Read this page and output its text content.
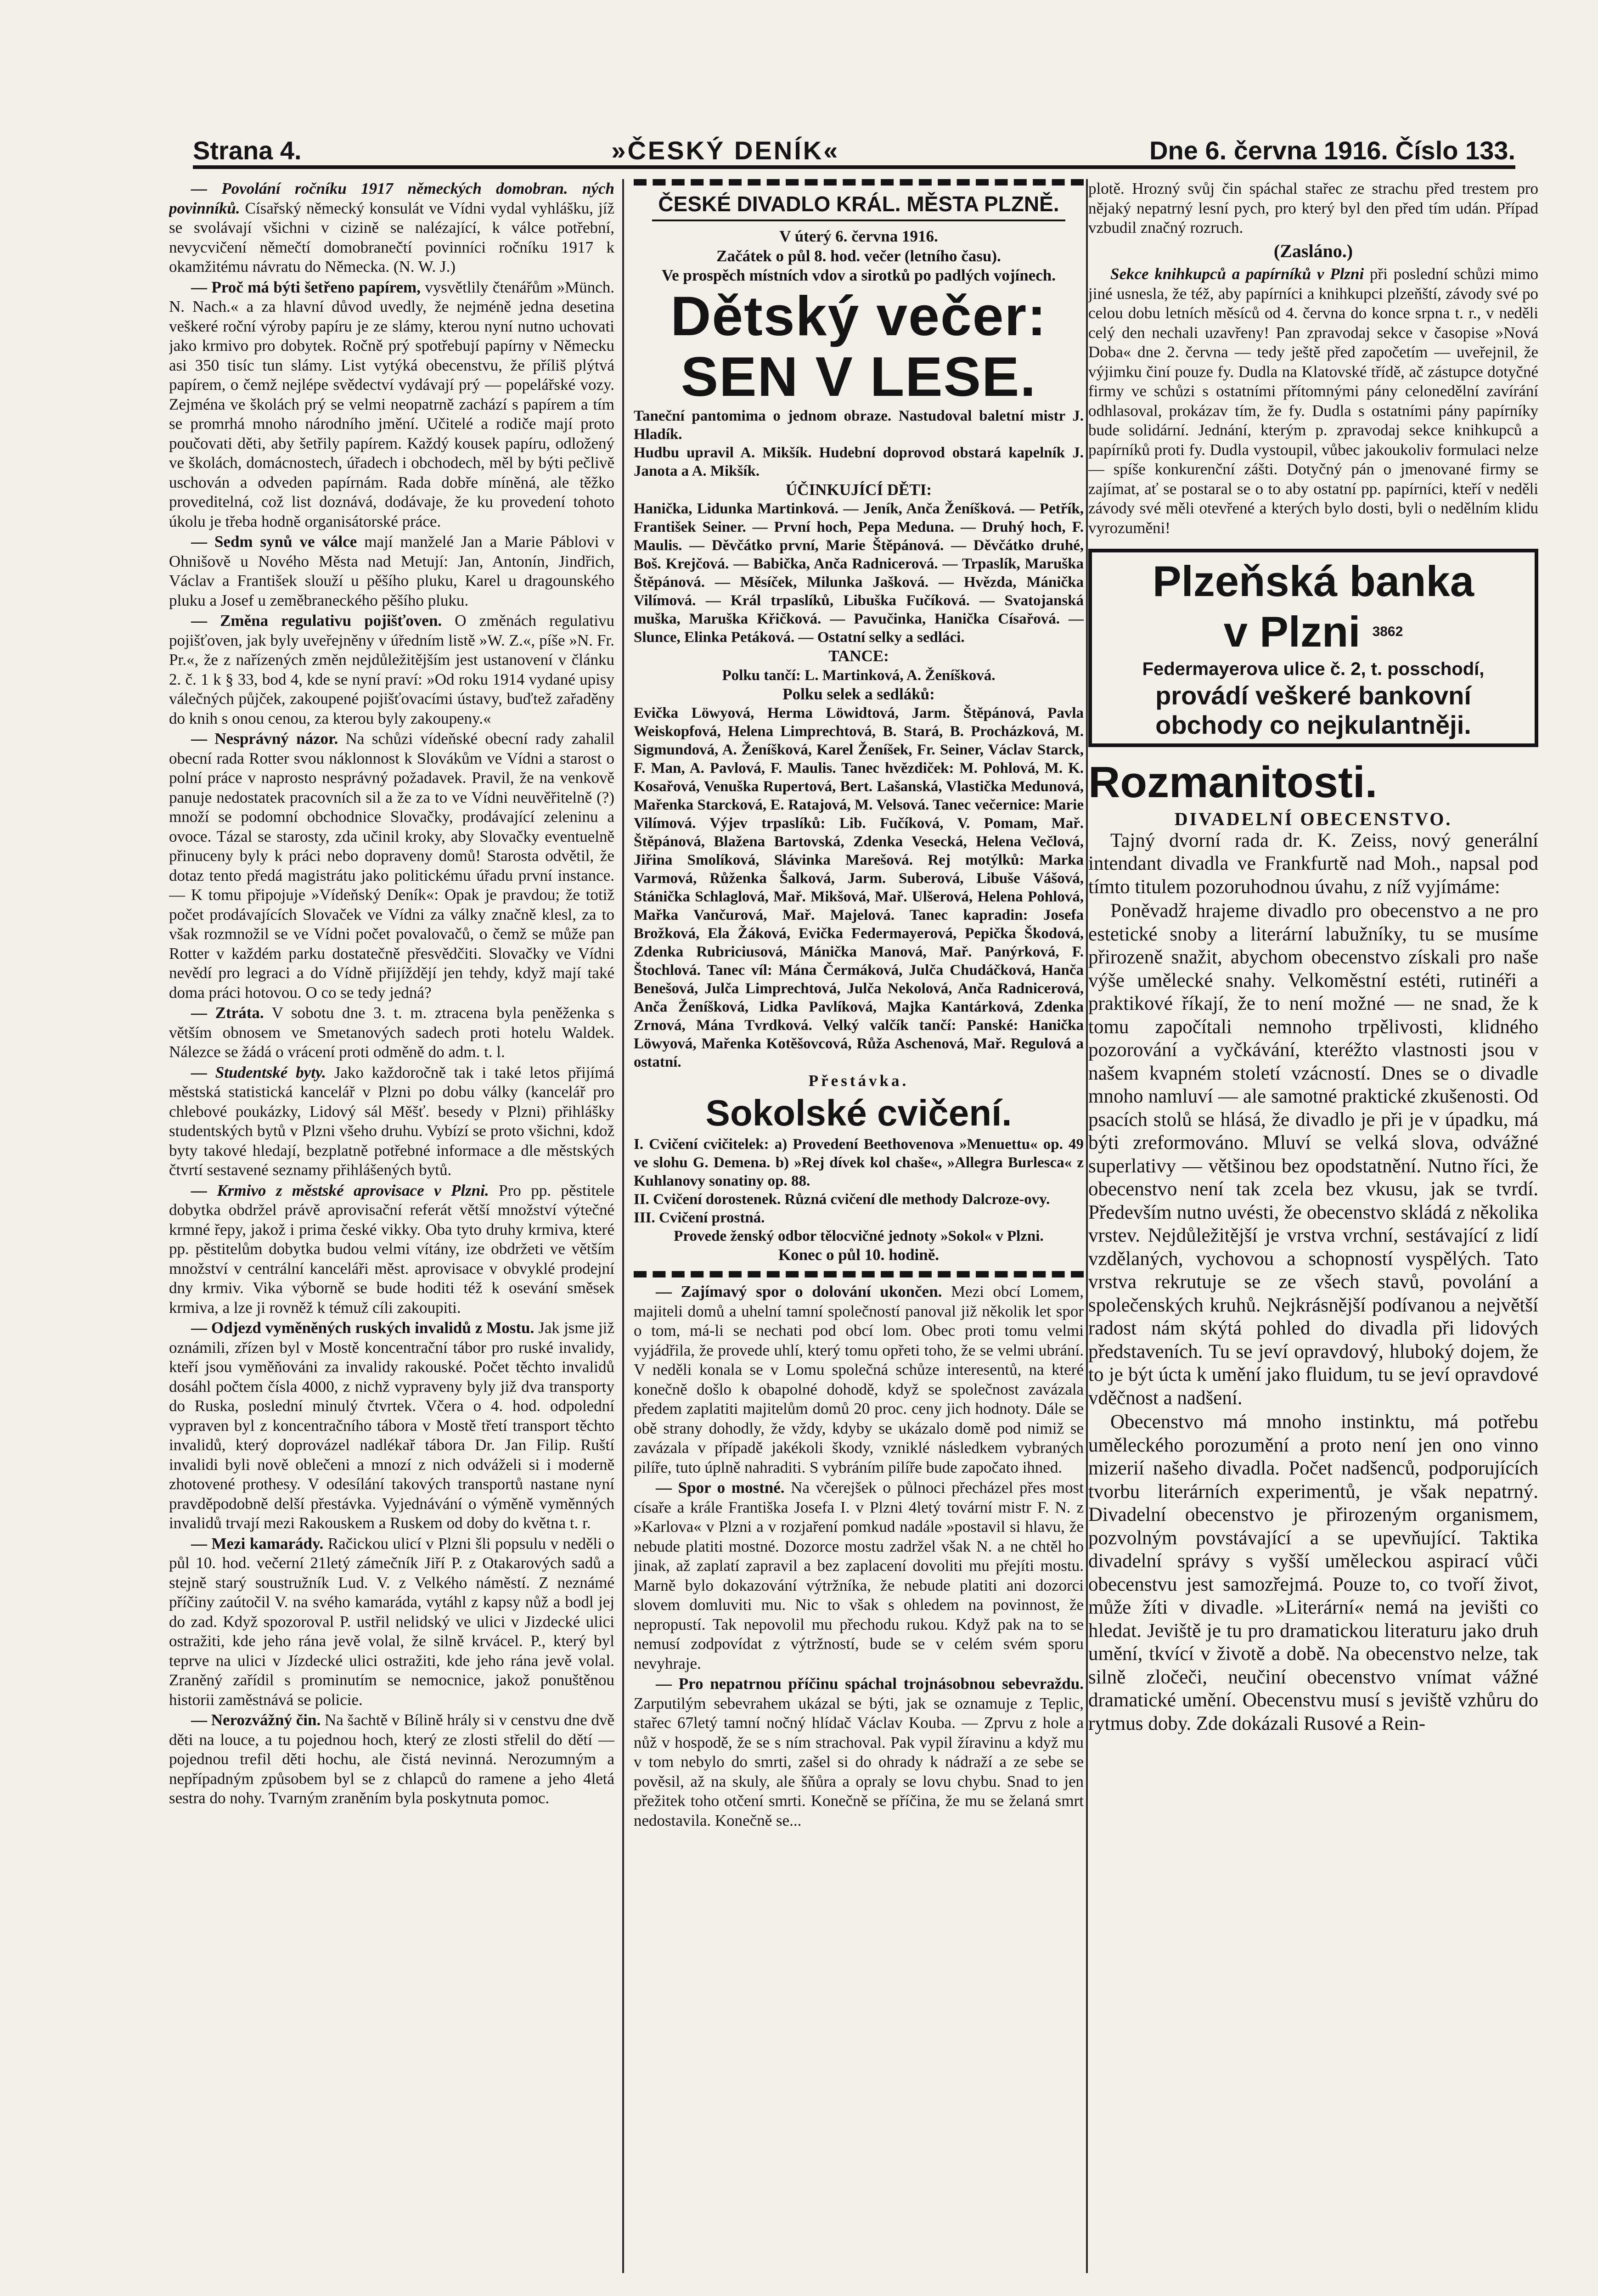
Strana 4.	»ČESKÝ DENÍK«	Dne 6. června 1916. Číslo 133.

— Povolání ročníku 1917 německých domobran. ných povinníků. Císařský německý konsulát ve Vídni vydal vyhlášku, jíž se svolávají všichni v cizině se nalézající, k válce potřební, nevycvičení němečtí domobranečtí povinníci ročníku 1917 k okamžitému návratu do Německa. (N. W. J.)

— Proč má býti šetřeno papírem, vysvětlily čtenářům »Münch. N. Nach.« a za hlavní důvod uvedly, že nejméně jedna desetina veškeré roční výroby papíru je ze slámy, kterou nyní nutno uchovati jako krmivo pro dobytek. Ročně prý spotřebují papírny v Německu asi 350 tisíc tun slámy. List vytýká obecenstvu, že příliš plýtvá papírem, o čemž nejlépe svědectví vydávají prý — popelářské vozy. Zejména ve školách prý se velmi neopatrně zachází s papírem a tím se promrhá mnoho národního jmění. Učitelé a rodiče mají proto poučovati děti, aby šetřily papírem. Každý kousek papíru, odložený ve školách, domácnostech, úřadech i obchodech, měl by býti pečlivě uschován a odveden papírnám. Rada dobře míněná, ale těžko proveditelná, což list doznává, dodávaje, že ku provedení tohoto úkolu je třeba hodně organisátorské práce.

— Sedm synů ve válce mají manželé Jan a Marie Páblovi v Ohnišově u Nového Města nad Metují: Jan, Antonín, Jindřich, Václav a František slouží u pěšího pluku, Karel u dragounského pluku a Josef u zeměbraneckého pěšího pluku.

— Změna regulativu pojišťoven. O změnách regulativu pojišťoven, jak byly uveřejněny v úředním listě »W. Z.«, píše »N. Fr. Pr.«, že z nařízených změn nejdůležitějším jest ustanovení v článku 2. č. 1 k § 33, bod 4, kde se nyní praví: »Od roku 1914 vydané upisy válečných půjček, zakoupené pojišťovacími ústavy, buďtež zařaděny do knih s onou cenou, za kterou byly zakoupeny.«

— Nesprávný názor. Na schůzi vídeňské obecní rady zahalil obecní rada Rotter svou náklonnost k Slovákům ve Vídni a starost o polní práce v naprosto nesprávný požadavek. Pravil, že na venkově panuje nedostatek pracovních sil a že za to ve Vídni neuvěřitelně (?) množí se podomní obchodnice Slovačky, prodávající zeleninu a ovoce. Tázal se starosty, zda učinil kroky, aby Slovačky eventuelně přinuceny byly k práci nebo dopraveny domů! Starosta odvětil, že dotaz tento předá magistrátu jako politickému úřadu první instance. — K tomu připojuje »Vídeňský Deník«: Opak je pravdou; že totiž počet prodávajících Slovaček ve Vídni za války značně klesl, za to však rozmnožil se ve Vídni počet povalovačů, o čemž se může pan Rotter v každém parku dostatečně přesvědčiti. Slovačky ve Vídni nevědí pro legraci a do Vídně přijíždějí jen tehdy, když mají také doma práci hotovou. O co se tedy jedná?

— Ztráta. V sobotu dne 3. t. m. ztracena byla peněženka s větším obnosem ve Smetanových sadech proti hotelu Waldek. Nálezce se žádá o vrácení proti odměně do adm. t. l.

— Studentské byty. Jako každoročně tak i také letos přijímá městská statistická kancelář v Plzni po dobu války (kancelář pro chlebové poukázky, Lidový sál Měšť. besedy v Plzni) přihlášky studentských bytů v Plzni všeho druhu. Vybízí se proto všichni, kdož byty takové hledají, bezplatně potřebné informace a dle městských čtvrtí sestavené seznamy přihlášených bytů.

— Krmivo z městské aprovisace v Plzni. Pro pp. pěstitele dobytka obdržel právě aprovisační referát větší množství výtečné krmné řepy, jakož i prima české vikky. Oba tyto druhy krmiva, které pp. pěstitelům dobytka budou velmi vítány, ize obdržeti ve větším množství v centrální kanceláři měst. aprovisace v obvyklé prodejní dny krmiv. Vika výborně se bude hoditi též k osevání směsek krmiva, a lze ji rovněž k témuž cíli zakoupiti.

— Odjezd vyměněných ruských invalidů z Mostu. Jak jsme již oznámili, zřízen byl v Mostě koncentrační tábor pro ruské invalidy, kteří jsou vyměňováni za invalidy rakouské. Počet těchto invalidů dosáhl počtem čísla 4000, z nichž vypraveny byly již dva transporty do Ruska, poslední minulý čtvrtek. Včera o 4. hod. odpolední vypraven byl z koncentračního tábora v Mostě třetí transport těchto invalidů, který doprovázel nadlékař tábora Dr. Jan Filip. Ruští invalidi byli nově oblečeni a mnozí z nich odváželi si i moderně zhotovené prothesy. V odesílání takových transportů nastane nyní pravděpodobně delší přestávka. Vyjednávání o výměně vyměnných invalidů trvají mezi Rakouskem a Ruskem od doby do května t. r.

— Mezi kamarády. Račickou ulicí v Plzni šli popsulu v neděli o půl 10. hod. večerní 21letý zámečník Jiří P. z Otakarových sadů a stejně starý soustružník Lud. V. z Velkého náměstí. Z neznámé příčiny zaútočil V. na svého kamaráda, vytáhl z kapsy nůž a bodl jej do zad. Když spozoroval P. ustřil nelidský ve ulici v Jizdecké ulici ostražiti, kde jeho rána jevě volal, že silně krvácel. P., který byl teprve na ulici v Jízdecké ulici ostražiti, kde jeho rána jevě volal. Zraněný zařídil s prominutím se nemocnice, jakož ponuštěnou historii zaměstnává se policie.

— Nerozvážný čin. Na šachtě v Bílině hrály si v censtvu dne dvě děti na louce, a tu pojednou hoch, který ze zlosti střelil do dětí — pojednou trefil děti hochu, ale čistá nevinná. Nerozumným a nepřípadným způsobem byl se z chlapců do ramene a jeho 4letá sestra do nohy. Tvarným zraněním byla poskytnuta pomoc.

ČESKÉ DIVADLO KRÁL. MĚSTA PLZNĚ.
V úterý 6. června 1916.
Začátek o půl 8. hod. večer (letního času).
Ve prospěch místních vdov a sirotků po padlých vojínech.
Dětský večer:
SEN V LESE.
Taneční pantomima o jednom obraze. Nastudoval baletní mistr J. Hladík.
Hudbu upravil A. Mikšík. Hudební doprovod obstará kapelník J. Janota a A. Mikšík.
ÚČINKUJÍCÍ DĚTI:
Hanička, Lidunka Martinková. — Jeník, Anča Ženíšková. — Petřík, František Seiner. — První hoch, Pepa Meduna. — Druhý hoch, F. Maulis. — Děvčátko první, Marie Štěpánová. — Děvčátko druhé, Boš. Krejčová. — Babička, Anča Radnicerová. — Trpaslík, Maruška Štěpánová. — Měsíček, Milunka Jašková. — Hvězda, Mánička Vilímová. — Král trpaslíků, Libuška Fučíková. — Svatojanská muška, Maruška Křičková. — Pavučinka, Hanička Císařová. — Slunce, Elinka Petáková. — Ostatní selky a sedláci.
TANCE:
Polku tančí: L. Martinková, A. Ženíšková.
Polku selek a sedláků:
Evička Löwyová, Herma Löwidtová, Jarm. Štěpánová, Pavla Weiskopfová, Helena Limprechtová, B. Stará, B. Procházková, M. Sigmundová, A. Ženíšková, Karel Ženíšek, Fr. Seiner, Václav Starck, F. Man, A. Pavlová, F. Maulis. Tanec hvězdiček: M. Pohlová, M. K. Kosařová, Venuška Rupertová, Bert. Lašanská, Vlastička Medunová, Mařenka Starcková, E. Ratajová, M. Velsová. Tanec večernice: Marie Vilímová. Výjev trpaslíků: Lib. Fučíková, V. Pomam, Mař. Štěpánová, Blažena Bartovská, Zdenka Vesecká, Helena Večlová, Jiřina Smolíková, Slávinka Marešová. Rej motýlků: Marka Varmová, Růženka Šalková, Jarm. Suberová, Libuše Vášová, Stánička Schlaglová, Mař. Mikšová, Mař. Ulšerová, Helena Pohlová, Mařka Vančurová, Mař. Majelová. Tanec kapradin: Josefa Brožková, Ela Žáková, Evička Federmayerová, Pepička Škodová, Zdenka Rubriciusová, Mánička Manová, Mař. Panýrková, F. Štochlová. Tanec víl: Mána Čermáková, Julča Chudáčková, Hanča Benešová, Julča Limprechtová, Julča Nekolová, Anča Radnicerová, Anča Ženíšková, Lidka Pavlíková, Majka Kantárková, Zdenka Zrnová, Mána Tvrdková. Velký valčík tančí: Panské: Hanička Löwyová, Mařenka Kotěšovcová, Růža Aschenová, Mař. Regulová a ostatní.
Přestávka.
Sokolské cvičení.
I. Cvičení cvičitelek: a) Provedení Beethovenova »Menuettu« op. 49 ve slohu G. Demena. b) »Rej dívek kol chaše«, »Allegra Burlesca« z Kuhlanovy sonatiny op. 88.
II. Cvičení dorostenek. Různá cvičení dle methody Dalcroze-ovy.
III. Cvičení prostná.
Provede ženský odbor tělocvičné jednoty »Sokol« v Plzni.
Konec o půl 10. hodině.

— Zajímavý spor o dolování ukončen. Mezi obcí Lomem, majiteli domů a uhelní tamní společností panoval již několik let spor o tom, má-li se nechati pod obcí lom. Obec proti tomu velmi vyjádřila, že provede uhlí, který tomu opřeti toho, že se velmi ubrání. V neděli konala se v Lomu společná schůze interesentů, na které konečně došlo k obapolné dohodě, když se společnost zavázala předem zaplatiti majitelům domů 20 proc. ceny jich hodnoty. Dále se obě strany dohodly, že vždy, kdyby se ukázalo domě pod nimiž se zavázala v případě jakékoli škody, vzniklé následkem vybraných pilíře, tuto úplně nahraditi. S vybráním pilíře bude započato ihned.

— Spor o mostné. Na včerejšek o půlnoci přecházel přes most císaře a krále Františka Josefa I. v Plzni 4letý tovární mistr F. N. z »Karlova« v Plzni a v rozjaření pomkud nadále »postavil si hlavu, že nebude platiti mostné. Dozorce mostu zadržel však N. a ne chtěl ho jinak, až zaplatí zapravil a bez zaplacení dovoliti mu přejíti mostu. Marně bylo dokazování výtržníka, že nebude platiti ani dozorci slovem domluviti mu. Nic to však s ohledem na povinnost, že nepropustí. Tak nepovolil mu přechodu rukou. Když pak na to se nemusí zodpovídat z výtržností, bude se v celém svém sporu nevyhraje.

— Pro nepatrnou příčinu spáchal trojnásobnou sebevraždu. Zarputilým sebevrahem ukázal se býti, jak se oznamuje z Teplic, stařec 67letý tamní nočný hlídač Václav Kouba. — Zprvu z hole a nůž v hospodě, že se s ním strachoval. Pak vypil žíravinu a když mu v tom nebylo do smrti, zašel si do ohrady k nádraží a ze sebe se pověsil, až na skuly, ale šňůra a opraly se lovu chybu. Snad to jen přežitek toho otčení smrti. Konečně se příčina, že mu se želaná smrt nedostavila. Konečně se...

plotě. Hrozný svůj čin spáchal stařec ze strachu před trestem pro nějaký nepatrný lesní pych, pro který byl den před tím udán. Případ vzbudil značný rozruch.

(Zasláno.)

Sekce knihkupců a papírníků v Plzni při poslední schůzi mimo jiné usnesla, že též, aby papírníci a knihkupci plzeňští, závody své po celou dobu letních měsíců od 4. června do konce srpna t. r., v neděli celý den nechali uzavřeny! Pan zpravodaj sekce v časopise »Nová Doba« dne 2. června — tedy ještě před započetím — uveřejnil, že výjimku činí pouze fy. Dudla na Klatovské třídě, ač zástupce dotyčné firmy ve schůzi s ostatními přítomnými pány celonedělní zavírání odhlasoval, prokázav tím, že fy. Dudla s ostatními pány papírníky bude solidární. Jednání, kterým p. zpravodaj sekce knihkupců a papírníků proti fy. Dudla vystoupil, vůbec jakoukoliv formulaci nelze — spíše konkurenční zášti. Dotyčný pán o jmenované firmy se zajímat, ať se postaral se o to aby ostatní pp. papírníci, kteří v neděli závody své měli otevřené a kterých bylo dosti, byli o nedělním klidu vyrozuměni!

Plzeňská banka
v Plzni $^{3862}$
Federmayerova ulice č. 2, t. posschodí,
provádí veškeré bankovní
obchody co nejkulantněji.
Rozmanitosti.
DIVADELNÍ OBECENSTVO.

Tajný dvorní rada dr. K. Zeiss, nový generální intendant divadla ve Frankfurtě nad Moh., napsal pod tímto titulem pozoruhodnou úvahu, z níž vyjímáme:

Poněvadž hrajeme divadlo pro obecenstvo a ne pro estetické snoby a literární labužníky, tu se musíme přirozeně snažit, abychom obecenstvo získali pro naše výše umělecké snahy. Velkoměstní estéti, rutinéři a praktikové říkají, že to není možné — ne snad, že k tomu započítali nemnoho trpělivosti, klidného pozorování a vyčkávání, kteréžto vlastnosti jsou v našem kvapném století vzácností. Dnes se o divadle mnoho namluví — ale samotné praktické zkušenosti. Od psacích stolů se hlásá, že divadlo je při je v úpadku, má býti zreformováno. Mluví se velká slova, odvážné superlativy — většinou bez opodstatnění. Nutno říci, že obecenstvo není tak zcela bez vkusu, jak se tvrdí. Především nutno uvésti, že obecenstvo skládá z několika vrstev. Nejdůležitější je vrstva vrchní, sestávající z lidí vzdělaných, vychovou a schopností vyspělých. Tato vrstva rekrutuje se ze všech stavů, povolání a společenských kruhů. Nejkrásnější podívanou a největší radost nám skýtá pohled do divadla při lidových představeních. Tu se jeví opravdový, hluboký dojem, že to je být úcta k umění jako fluidum, tu se jeví opravdové vděčnost a nadšení.

Obecenstvo má mnoho instinktu, má potřebu uměleckého porozumění a proto není jen ono vinno mizerií našeho divadla. Počet nadšenců, podporujících tvorbu literárních experimentů, je však nepatrný. Divadelní obecenstvo je přirozeným organismem, pozvolným povstávající a se upevňující. Taktika divadelní správy s vyšší uměleckou aspirací vůči obecenstvu jest samozřejmá. Pouze to, co tvoří život, může žíti v divadle. »Literární« nemá na jevišti co hledat. Jeviště je tu pro dramatickou literaturu jako druh umění, tkvící v životě a době. Na obecenstvo nelze, tak silně zločeči, neučiní obecenstvo vnímat vážné dramatické umění. Obecenstvu musí s jeviště vzhůru do rytmus doby. Zde dokázali Rusové a Rein-
